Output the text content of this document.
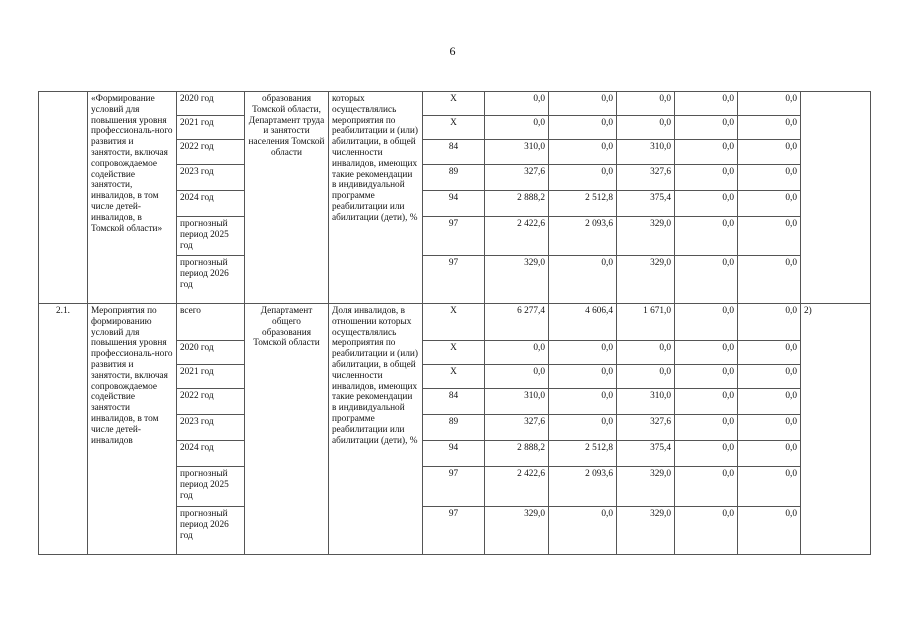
6
	«Формирование условий для повышения уровня профессиональ-ного развития и занятости, включая сопровождаемое содействие занятости, инвалидов, в том числе детей-инвалидов, в Томской области»	2020 год	образования Томской области, Департамент труда и занятости населения Томской области	которых осуществлялись мероприятия по реабилитации и (или) абилитации, в общей численности инвалидов, имеющих такие рекомендации в индивидуальной программе реабилитации или абилитации (дети), %	Х	0,0	0,0	0,0	0,0	0,0	
		2021 год			Х	0,0	0,0	0,0	0,0	0,0	
		2022 год			84	310,0	0,0	310,0	0,0	0,0	
		2023 год			89	327,6	0,0	327,6	0,0	0,0	
		2024 год			94	2 888,2	2 512,8	375,4	0,0	0,0	
		прогнозный период 2025 год			97	2 422,6	2 093,6	329,0	0,0	0,0	
		прогнозный период 2026 год			97	329,0	0,0	329,0	0,0	0,0	
2.1.	Мероприятия по формированию условий для повышения уровня профессиональ-ного развития и занятости, включая сопровождаемое содействие занятости инвалидов, в том числе детей-инвалидов	всего	Департамент общего образования Томской области	Доля инвалидов, в отношении которых осуществлялись мероприятия по реабилитации и (или) абилитации, в общей численности инвалидов, имеющих такие рекомендации в индивидуальной программе реабилитации или абилитации (дети), %	Х	6 277,4	4 606,4	1 671,0	0,0	0,0	2)
		2020 год			Х	0,0	0,0	0,0	0,0	0,0	
		2021 год			Х	0,0	0,0	0,0	0,0	0,0	
		2022 год			84	310,0	0,0	310,0	0,0	0,0	
		2023 год			89	327,6	0,0	327,6	0,0	0,0	
		2024 год			94	2 888,2	2 512,8	375,4	0,0	0,0	
		прогнозный период 2025 год			97	2 422,6	2 093,6	329,0	0,0	0,0	
		прогнозный период 2026 год			97	329,0	0,0	329,0	0,0	0,0	
